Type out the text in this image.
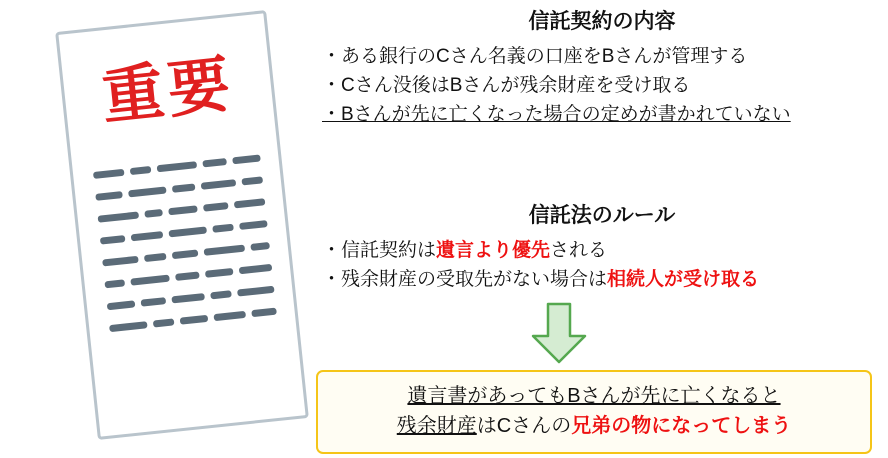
重要
信託契約の内容
・ある銀行のCさん名義の口座をBさんが管理する
・Cさん没後はBさんが残余財産を受け取る
・Bさんが先に亡くなった場合の定めが書かれていない
信託法のルール
・信託契約は遺言より優先される
・残余財産の受取先がない場合は相続人が受け取る
遺言書があってもBさんが先に亡くなると
残余財産はCさんの兄弟の物になってしまう
